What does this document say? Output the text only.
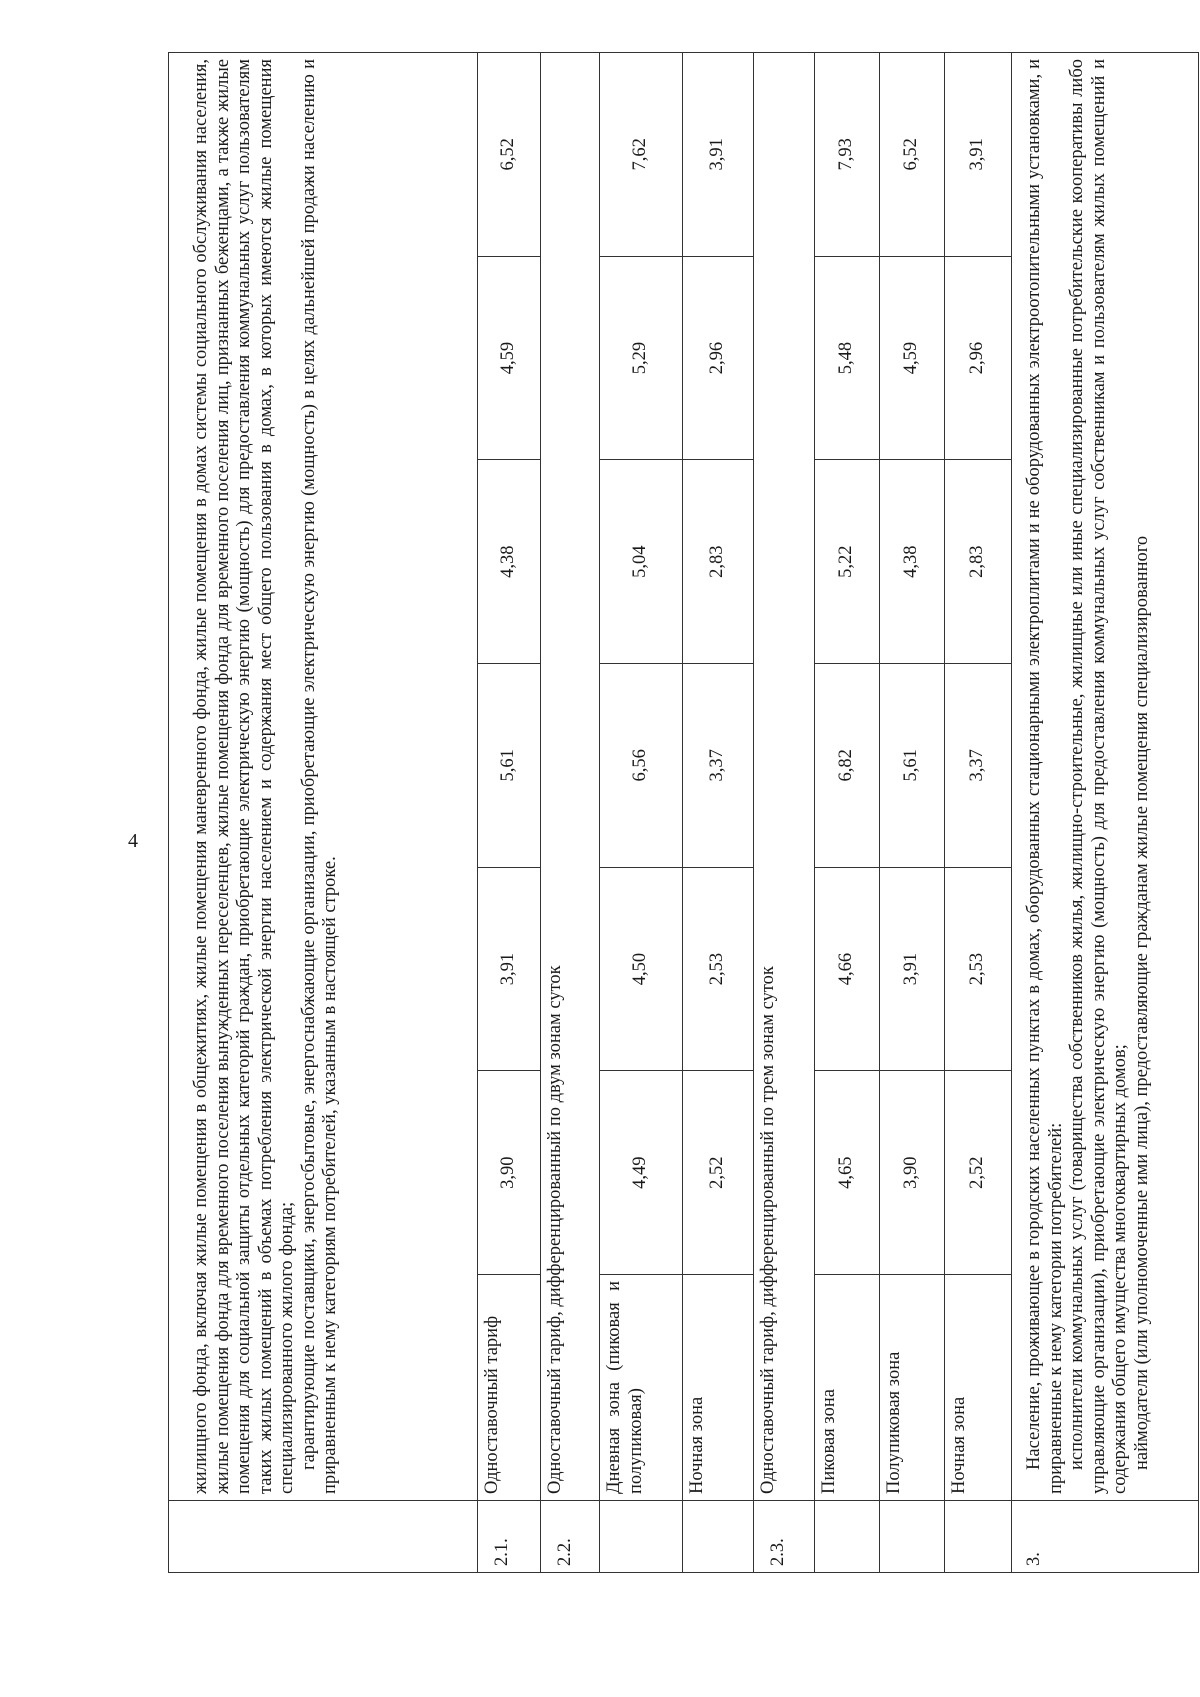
4

	жилищного фонда, включая жилые помещения в общежитиях, жилые помещения маневренного фонда, жилые помещения в домах системы социального обслуживания населения, жилые помещения фонда для временного поселения вынужденных переселенцев, жилые помещения фонда для временного поселения лиц, признанных беженцами, а также жилые помещения для социальной защиты отдельных категорий граждан, приобретающие электрическую энергию (мощность) для предоставления коммунальных услуг пользователям таких жилых помещений в объемах потребления электрической энергии населением и содержания мест общего пользования в домах, в которых имеются жилые помещения специализированного жилого фонда; гарантирующие поставщики, энергосбытовые, энергоснабжающие организации, приобретающие электрическую энергию (мощность) в целях дальнейшей продажи населению и приравненным к нему категориям потребителей, указанным в настоящей строке.						

2.1.	Одноставочный тариф	3,90	3,91	5,61	4,38	4,59	6,52
2.2.	Одноставочный тариф, дифференцированный по двум зонам суток						
	Дневная зона (пиковая и полупиковая)	4,49	4,50	6,56	5,04	5,29	7,62
	Ночная зона	2,52	2,53	3,37	2,83	2,96	3,91
2.3.	Одноставочный тариф, дифференцированный по трем зонам суток						
	Пиковая зона	4,65	4,66	6,82	5,22	5,48	7,93
	Полупиковая зона	3,90	3,91	5,61	4,38	4,59	6,52
	Ночная зона	2,52	2,53	3,37	2,83	2,96	3,91
3.	Население, проживающее в городских населенных пунктах в домах, оборудованных стационарными электроплитами и не оборудованных электроотопительными установками, и приравненные к нему категории потребителей: исполнители коммунальных услуг (товарищества собственников жилья, жилищно-строительные, жилищные или иные специализированные потребительские кооперативы либо управляющие организации), приобретающие электрическую энергию (мощность) для предоставления коммунальных услуг собственникам и пользователям жилых помещений и содержания общего имущества многоквартирных домов; наймодатели (или уполномоченные ими лица), предоставляющие гражданам жилые помещения специализированного						
